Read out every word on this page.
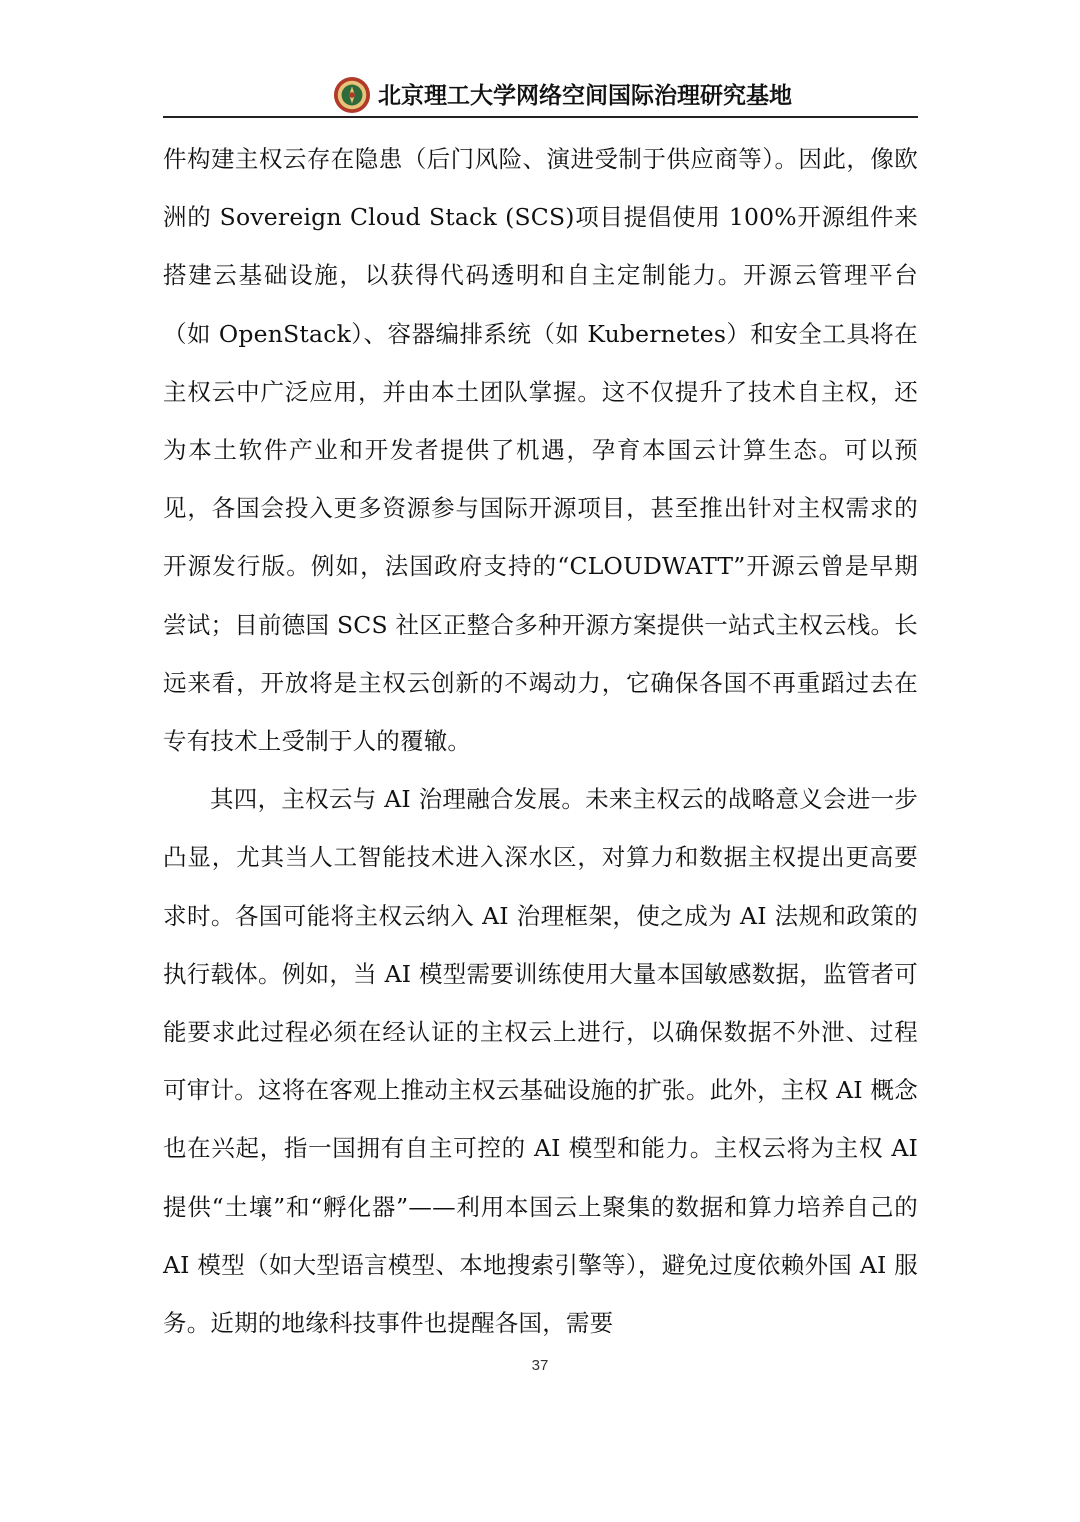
北京理工大学网络空间国际治理研究基地

件构建主权云存在隐患（后门风险、演进受制于供应商等）。因此，像欧洲的 Sovereign Cloud Stack (SCS)项目提倡使用 100%开源组件来搭建云基础设施，以获得代码透明和自主定制能力。开源云管理平台（如 OpenStack）、容器编排系统（如 Kubernetes）和安全工具将在主权云中广泛应用，并由本土团队掌握。这不仅提升了技术自主权，还为本土软件产业和开发者提供了机遇，孕育本国云计算生态。可以预见，各国会投入更多资源参与国际开源项目，甚至推出针对主权需求的开源发行版。例如，法国政府支持的“CLOUDWATT”开源云曾是早期尝试；目前德国 SCS 社区正整合多种开源方案提供一站式主权云栈。长远来看，开放将是主权云创新的不竭动力，它确保各国不再重蹈过去在专有技术上受制于人的覆辙。

其四，主权云与 AI 治理融合发展。未来主权云的战略意义会进一步凸显，尤其当人工智能技术进入深水区，对算力和数据主权提出更高要求时。各国可能将主权云纳入 AI 治理框架，使之成为 AI 法规和政策的执行载体。例如，当 AI 模型需要训练使用大量本国敏感数据，监管者可能要求此过程必须在经认证的主权云上进行，以确保数据不外泄、过程可审计。这将在客观上推动主权云基础设施的扩张。此外，主权 AI 概念也在兴起，指一国拥有自主可控的 AI 模型和能力。主权云将为主权 AI 提供“土壤”和“孵化器”——利用本国云上聚集的数据和算力培养自己的 AI 模型（如大型语言模型、本地搜索引擎等），避免过度依赖外国 AI 服务。近期的地缘科技事件也提醒各国，需要

37
